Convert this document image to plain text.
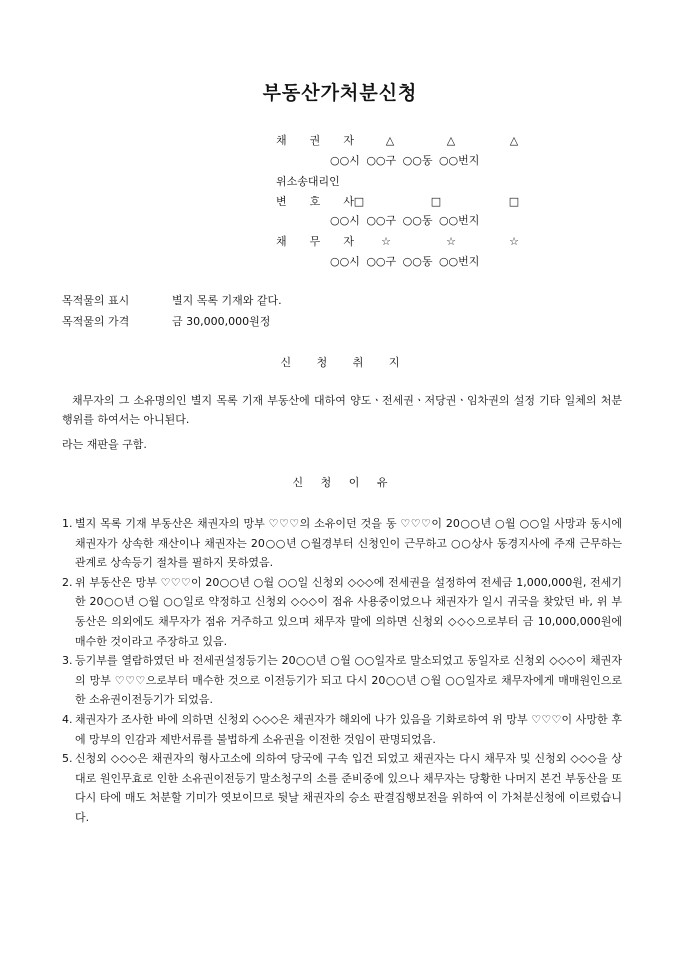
부동산가처분신청
채 권 자	△	△	△
○○시 ○○구 ○○동 ○○번지
위소송대리인
변 호 사 □	□	□
○○시 ○○구 ○○동 ○○번지
채 무 자 ☆	☆	☆
○○시 ○○구 ○○동 ○○번지
목적물의 표시	별지 목록 기재와 같다.
목적물의 가격	금 30,000,000원정
신 청 취 지
채무자의 그 소유명의인 별지 목록 기재 부동산에 대하여 양도ㆍ전세권ㆍ저당권ㆍ임차권의 설정 기타 일체의 처분행위를 하여서는 아니된다.
라는 재판을 구함.
신 청 이 유
1. 별지 목록 기재 부동산은 채권자의 망부 ♡♡♡의 소유이던 것을 동 ♡♡♡이 20○○년 ○월 ○○일 사망과 동시에 채권자가 상속한 재산이나 채권자는 20○○년 ○월경부터 신청인이 근무하고 ○○상사 동경지사에 주재 근무하는 관계로 상속등기 절차를 필하지 못하였음.
2. 위 부동산은 망부 ♡♡♡이 20○○년 ○월 ○○일 신청외 ◇◇◇에 전세권을 설정하여 전세금 1,000,000원, 전세기한 20○○년 ○월 ○○일로 약정하고 신청외 ◇◇◇이 점유 사용중이었으나 채권자가 일시 귀국을 찾았던 바, 위 부동산은 의외에도 채무자가 점유 거주하고 있으며 채무자 말에 의하면 신청외 ◇◇◇으로부터 금 10,000,000원에 매수한 것이라고 주장하고 있음.
3. 등기부를 열람하였던 바 전세권설정등기는 20○○년 ○월 ○○일자로 말소되었고 동일자로 신청외 ◇◇◇이 채권자의 망부 ♡♡♡으로부터 매수한 것으로 이전등기가 되고 다시 20○○년 ○월 ○○일자로 채무자에게 매매원인으로 한 소유권이전등기가 되었음.
4. 채권자가 조사한 바에 의하면 신청외 ◇◇◇은 채권자가 해외에 나가 있음을 기화로하여 위 망부 ♡♡♡이 사망한 후에 망부의 인감과 제반서류를 불법하게 소유권을 이전한 것임이 판명되었음.
5. 신청외 ◇◇◇은 채권자의 형사고소에 의하여 당국에 구속 입건 되었고 채권자는 다시 채무자 및 신청외 ◇◇◇을 상대로 원인무효로 인한 소유권이전등기 말소청구의 소를 준비중에 있으나 채무자는 당황한 나머지 본건 부동산을 또 다시 타에 매도 처분할 기미가 엿보이므로 뒷날 채권자의 승소 판결집행보전을 위하여 이 가처분신청에 이르렀습니다.
